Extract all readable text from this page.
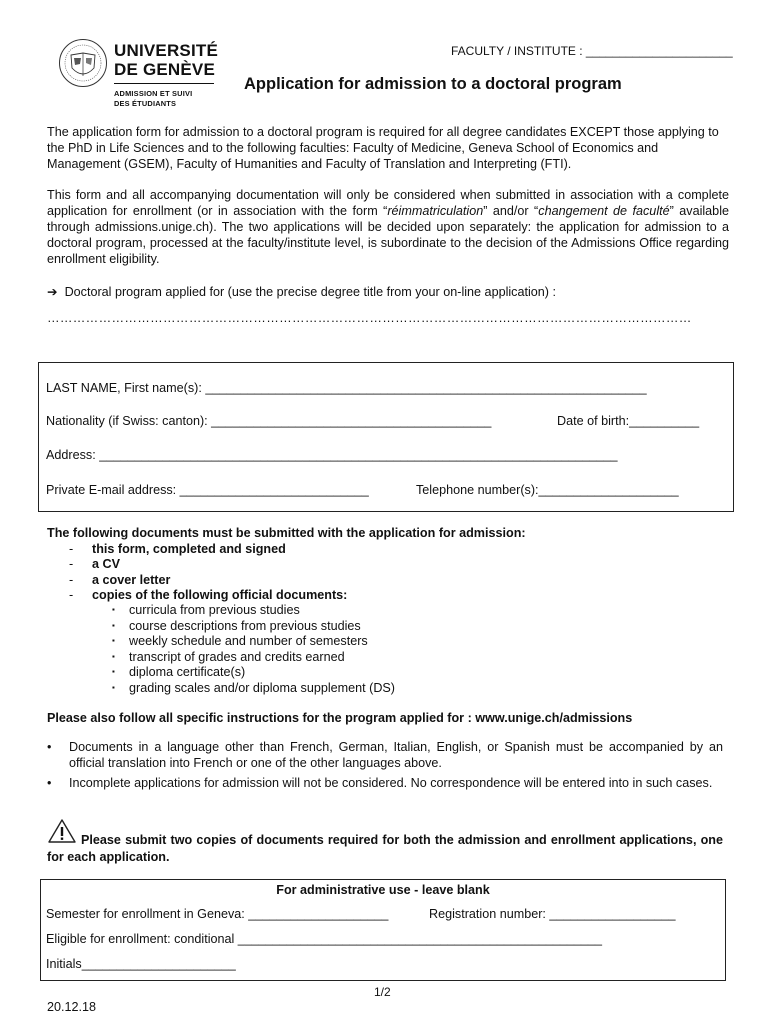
UNIVERSITÉ
DE GENÈVE
ADMISSION ET SUIVI
DES ÉTUDIANTS
FACULTY / INSTITUTE : ______________________
Application for admission to a doctoral program
The application form for admission to a doctoral program is required for all degree candidates EXCEPT those applying to the PhD in Life Sciences and to the following faculties: Faculty of Medicine, Geneva School of Economics and Management (GSEM), Faculty of Humanities and Faculty of Translation and Interpreting (FTI).
This form and all accompanying documentation will only be considered when submitted in association with a complete application for enrollment (or in association with the form “réimmatriculation” and/or “changement de faculté” available through admissions.unige.ch). The two applications will be decided upon separately: the application for admission to a doctoral program, processed at the faculty/institute level, is subordinate to the decision of the Admissions Office regarding enrollment eligibility.
➔ Doctoral program applied for (use the precise degree title from your on-line application) :
……………………………………………………………………………………………………………………………………
LAST NAME, First name(s): _______________________________________________________________
Nationality (if Swiss: canton): ________________________________________	Date of birth:__________
Address: __________________________________________________________________________
Private E-mail address: ___________________________	Telephone number(s):____________________
The following documents must be submitted with the application for admission:
- this form, completed and signed
- a CV
- a cover letter
- copies of the following official documents:
▪ curricula from previous studies
▪ course descriptions from previous studies
▪ weekly schedule and number of semesters
▪ transcript of grades and credits earned
▪ diploma certificate(s)
▪ grading scales and/or diploma supplement (DS)
Please also follow all specific instructions for the program applied for : www.unige.ch/admissions
• Documents in a language other than French, German, Italian, English, or Spanish must be accompanied by an official translation into French or one of the other languages above.
• Incomplete applications for admission will not be considered. No correspondence will be entered into in such cases.
Please submit two copies of documents required for both the admission and enrollment applications, one for each application.
For administrative use - leave blank
Semester for enrollment in Geneva: ____________________	Registration number: __________________
Eligible for enrollment: conditional ____________________________________________________
Initials______________________
1/2
20.12.18
